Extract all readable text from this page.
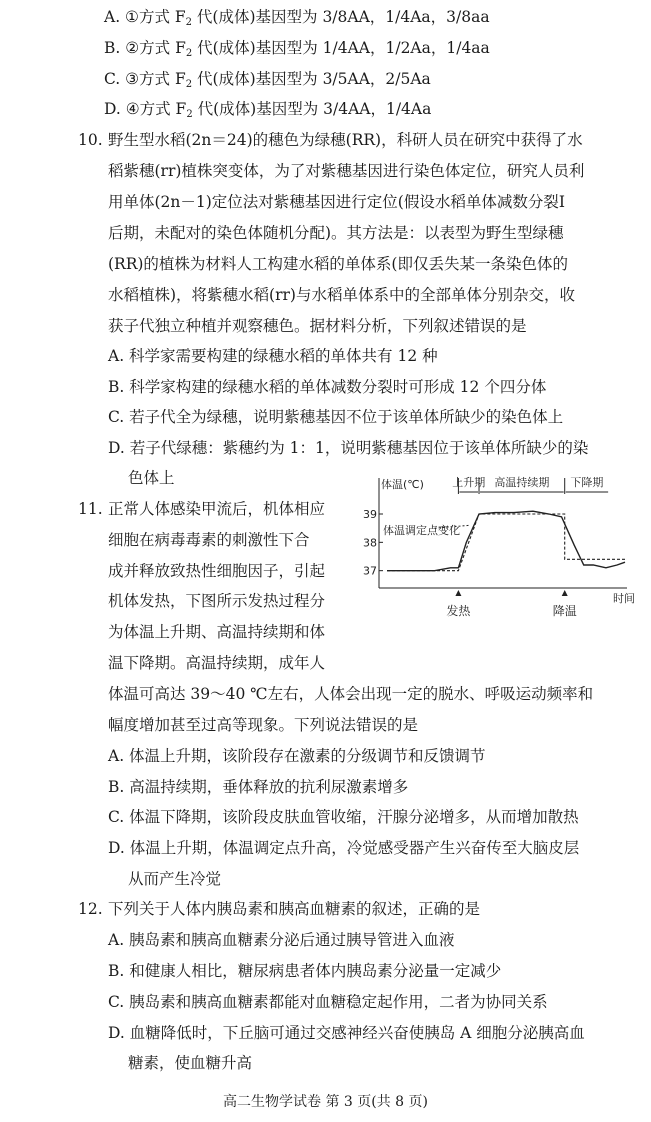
A. ①方式 $F_2$ 代(成体)基因型为 3/8AA，1/4Aa，3/8aa
B. ②方式 $F_2$ 代(成体)基因型为 1/4AA，1/2Aa，1/4aa
C. ③方式 $F_2$ 代(成体)基因型为 3/5AA，2/5Aa
D. ④方式 $F_2$ 代(成体)基因型为 3/4AA，1/4Aa
10. 野生型水稻(2n＝24)的穗色为绿穗(RR)，科研人员在研究中获得了水
稻紫穗(rr)植株突变体，为了对紫穗基因进行染色体定位，研究人员利
用单体(2n－1)定位法对紫穗基因进行定位(假设水稻单体减数分裂Ⅰ
后期，未配对的染色体随机分配)。其方法是：以表型为野生型绿穗
(RR)的植株为材料人工构建水稻的单体系(即仅丢失某一条染色体的
水稻植株)，将紫穗水稻(rr)与水稻单体系中的全部单体分别杂交，收
获子代独立种植并观察穗色。据材料分析，下列叙述错误的是
A. 科学家需要构建的绿穗水稻的单体共有 12 种
B. 科学家构建的绿穗水稻的单体减数分裂时可形成 12 个四分体
C. 若子代全为绿穗，说明紫穗基因不位于该单体所缺少的染色体上
D. 若子代绿穗：紫穗约为 1：1，说明紫穗基因位于该单体所缺少的染
色体上
11. 正常人体感染甲流后，机体相应
细胞在病毒毒素的刺激性下合
成并释放致热性细胞因子，引起
机体发热，下图所示发热过程分
为体温上升期、高温持续期和体
温下降期。高温持续期，成年人
体温可高达 39～40 ℃左右，人体会出现一定的脱水、呼吸运动频率和
幅度增加甚至过高等现象。下列说法错误的是
A. 体温上升期，该阶段存在激素的分级调节和反馈调节
B. 高温持续期，垂体释放的抗利尿激素增多
C. 体温下降期，该阶段皮肤血管收缩，汗腺分泌增多，从而增加散热
D. 体温上升期，体温调定点升高，冷觉感受器产生兴奋传至大脑皮层
从而产生冷觉
体温(℃)
时间
37
38
39
上升期 高温持续期 下降期
体温调定点变化
发热	降温
12. 下列关于人体内胰岛素和胰高血糖素的叙述，正确的是
A. 胰岛素和胰高血糖素分泌后通过胰导管进入血液
B. 和健康人相比，糖尿病患者体内胰岛素分泌量一定减少
C. 胰岛素和胰高血糖素都能对血糖稳定起作用，二者为协同关系
D. 血糖降低时，下丘脑可通过交感神经兴奋使胰岛 A 细胞分泌胰高血
糖素，使血糖升高
高二生物学试卷 第 3 页(共 8 页)
